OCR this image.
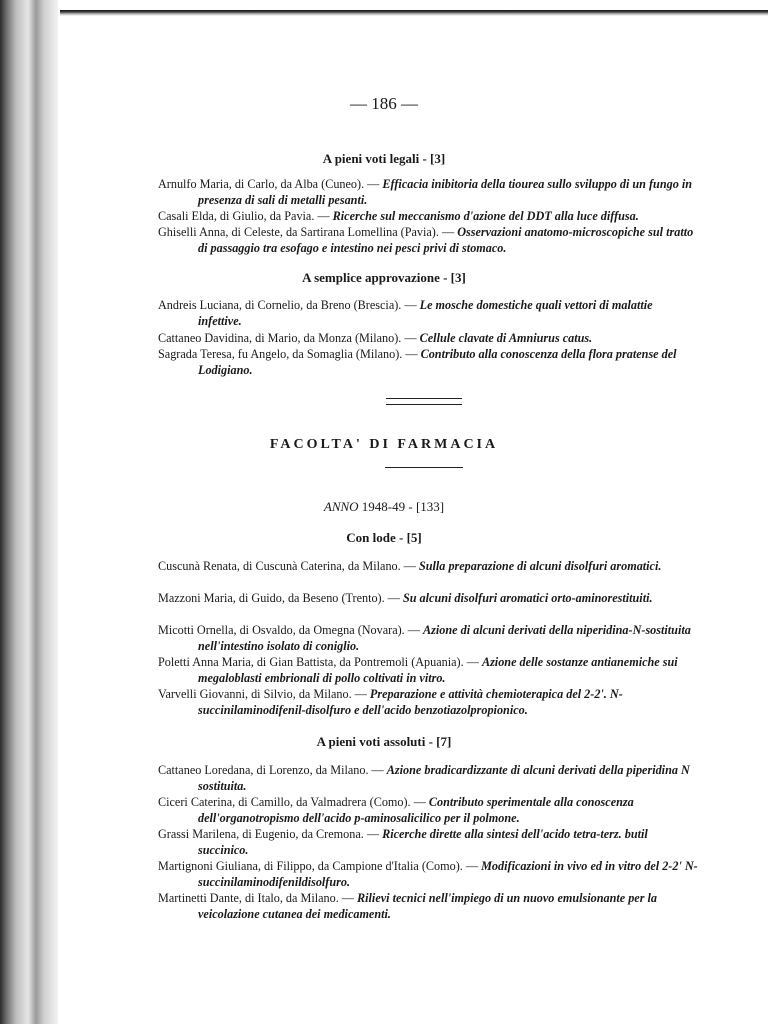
— 186 —
A pieni voti legali - [3]
Arnulfo Maria, di Carlo, da Alba (Cuneo). — Efficacia inibitoria della tiourea sullo sviluppo di un fungo in presenza di sali di metalli pesanti.
Casali Elda, di Giulio, da Pavia. — Ricerche sul meccanismo d'azione del DDT alla luce diffusa.
Ghiselli Anna, di Celeste, da Sartirana Lomellina (Pavia). — Osservazioni anatomo-microscopiche sul tratto di passaggio tra esofago e intestino nei pesci privi di stomaco.
A semplice approvazione - [3]
Andreis Luciana, di Cornelio, da Breno (Brescia). — Le mosche domestiche quali vettori di malattie infettive.
Cattaneo Davidina, di Mario, da Monza (Milano). — Cellule clavate di Amniurus catus.
Sagrada Teresa, fu Angelo, da Somaglia (Milano). — Contributo alla conoscenza della flora pratense del Lodigiano.
FACOLTA' DI FARMACIA
ANNO 1948-49 - [133]
Con lode - [5]
Cuscunà Renata, di Cuscunà Caterina, da Milano. — Sulla preparazione di alcuni disolfuri aromatici.
Mazzoni Maria, di Guido, da Beseno (Trento). — Su alcuni disolfuri aromatici orto-aminorestituiti.
Micotti Ornella, di Osvaldo, da Omegna (Novara). — Azione di alcuni derivati della niperidina-N-sostituita nell'intestino isolato di coniglio.
Poletti Anna Maria, di Gian Battista, da Pontremoli (Apuania). — Azione delle sostanze antianemiche sui megaloblasti embrionali di pollo coltivati in vitro.
Varvelli Giovanni, di Silvio, da Milano. — Preparazione e attività chemioterapica del 2-2'. N-succinilaminodifenil-disolfuro e dell'acido benzotiazolpropionico.
A pieni voti assoluti - [7]
Cattaneo Loredana, di Lorenzo, da Milano. — Azione bradicardizzante di alcuni derivati della piperidina N sostituita.
Ciceri Caterina, di Camillo, da Valmadrera (Como). — Contributo sperimentale alla conoscenza dell'organotropismo dell'acido p-aminosalicilico per il polmone.
Grassi Marilena, di Eugenio, da Cremona. — Ricerche dirette alla sintesi dell'acido tetra-terz. butil succinico.
Martignoni Giuliana, di Filippo, da Campione d'Italia (Como). — Modificazioni in vivo ed in vitro del 2-2' N-succinilaminodifenildisolfuro.
Martinetti Dante, di Italo, da Milano. — Rilievi tecnici nell'impiego di un nuovo emulsionante per la veicolazione cutanea dei medicamenti.
